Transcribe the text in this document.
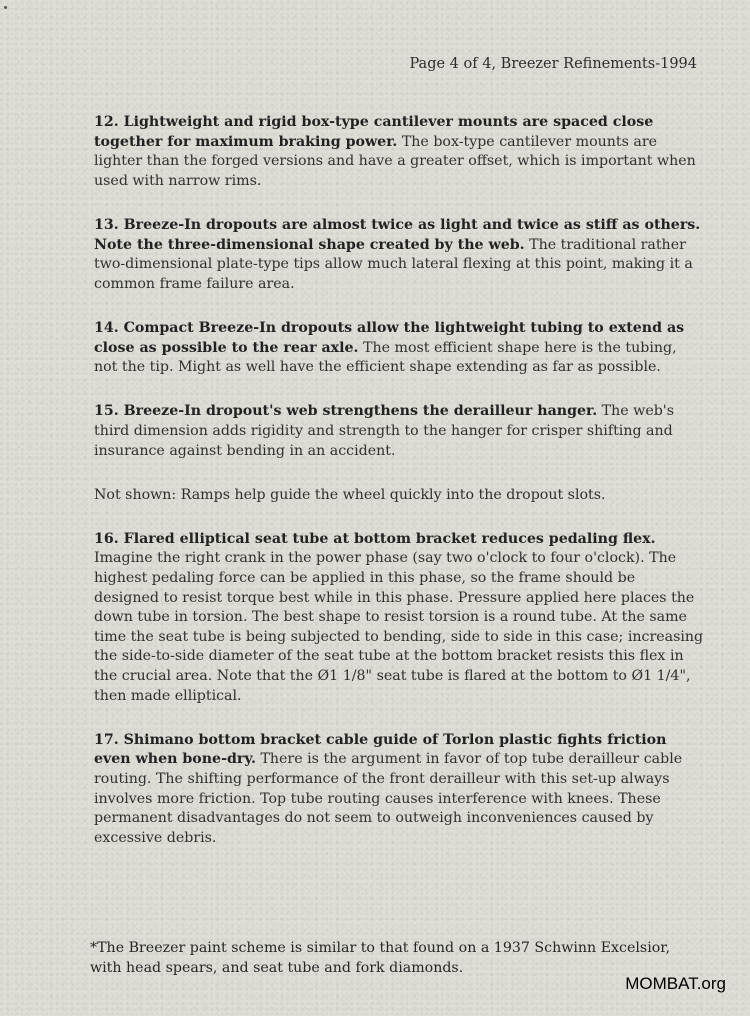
Page 4 of 4, Breezer Refinements-1994

12. Lightweight and rigid box-type cantilever mounts are spaced close together for maximum braking power. The box-type cantilever mounts are lighter than the forged versions and have a greater offset, which is important when used with narrow rims.

13. Breeze-In dropouts are almost twice as light and twice as stiff as others. Note the three-dimensional shape created by the web. The traditional rather two-dimensional plate-type tips allow much lateral flexing at this point, making it a common frame failure area.

14. Compact Breeze-In dropouts allow the lightweight tubing to extend as close as possible to the rear axle. The most efficient shape here is the tubing, not the tip. Might as well have the efficient shape extending as far as possible.

15. Breeze-In dropout's web strengthens the derailleur hanger. The web's third dimension adds rigidity and strength to the hanger for crisper shifting and insurance against bending in an accident.

Not shown: Ramps help guide the wheel quickly into the dropout slots.

16. Flared elliptical seat tube at bottom bracket reduces pedaling flex. Imagine the right crank in the power phase (say two o'clock to four o'clock). The highest pedaling force can be applied in this phase, so the frame should be designed to resist torque best while in this phase. Pressure applied here places the down tube in torsion. The best shape to resist torsion is a round tube. At the same time the seat tube is being subjected to bending, side to side in this case; increasing the side-to-side diameter of the seat tube at the bottom bracket resists this flex in the crucial area. Note that the Ø1 1/8" seat tube is flared at the bottom to Ø1 1/4", then made elliptical.

17. Shimano bottom bracket cable guide of Torlon plastic fights friction even when bone-dry. There is the argument in favor of top tube derailleur cable routing. The shifting performance of the front derailleur with this set-up always involves more friction. Top tube routing causes interference with knees. These permanent disadvantages do not seem to outweigh inconveniences caused by excessive debris.

*The Breezer paint scheme is similar to that found on a 1937 Schwinn Excelsior, with head spears, and seat tube and fork diamonds.
MOMBAT.org
